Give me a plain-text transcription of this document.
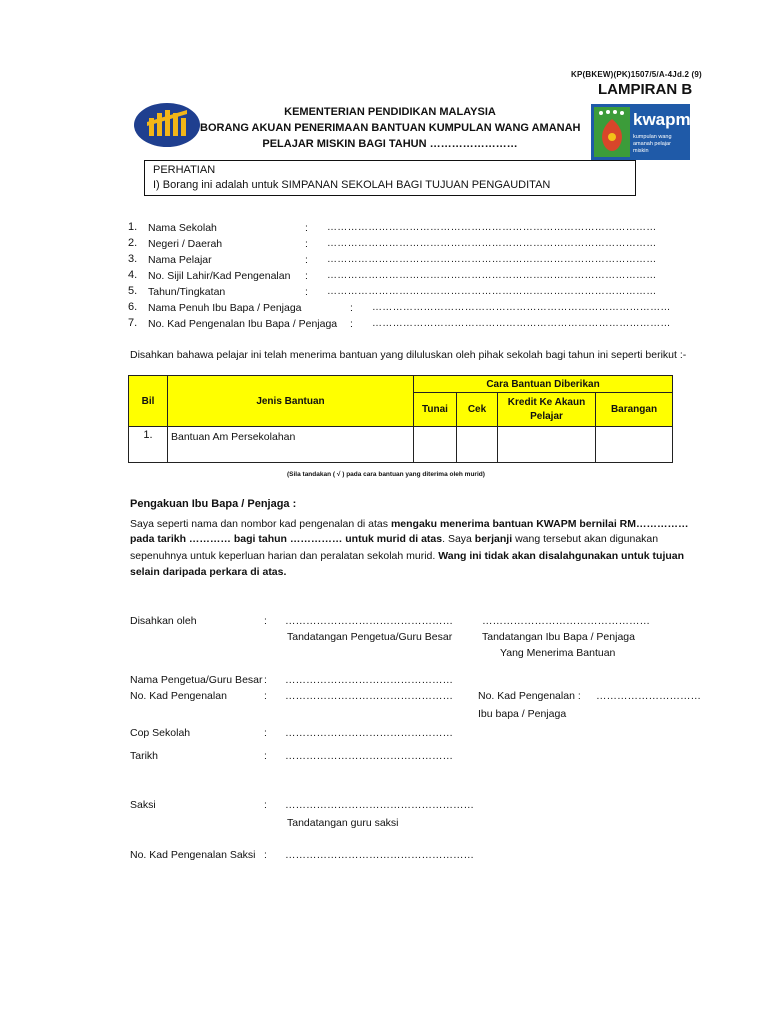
KP(BKEW)(PK)1507/5/A-4Jd.2 (9)
LAMPIRAN B
KEMENTERIAN PENDIDIKAN MALAYSIA
BORANG AKUAN PENERIMAAN BANTUAN KUMPULAN WANG AMANAH
PELAJAR MISKIN BAGI TAHUN ……………………
kwapm
kumpulan wang amanah pelajar miskin
PERHATIAN
I) Borang ini adalah untuk SIMPANAN SEKOLAH BAGI TUJUAN PENGAUDITAN
1.	Nama Sekolah	: ……………………………………………………………………………………
2.	Negeri / Daerah	: ……………………………………………………………………………………
3.	Nama Pelajar	: ……………………………………………………………………………………
4.	No. Sijil Lahir/Kad Pengenalan : ……………………………………………………………………………………
5.	Tahun/Tingkatan	: ……………………………………………………………………………………
6.	Nama Penuh Ibu Bapa / Penjaga	: ……………………………………………………………………………
7.	No. Kad Pengenalan Ibu Bapa / Penjaga : ……………………………………………………………………………
Disahkan bahawa pelajar ini telah menerima bantuan yang diluluskan oleh pihak sekolah bagi tahun ini seperti berikut :-
Bil	Jenis Bantuan	Cara Bantuan Diberikan			
		Tunai	Cek	Kredit Ke Akaun Pelajar	Barangan
1.	Bantuan Am Persekolahan				
(Sila tandakan ( √ ) pada cara bantuan yang diterima oleh murid)
Pengakuan Ibu Bapa / Penjaga :
Saya seperti nama dan nombor kad pengenalan di atas mengaku menerima bantuan KWAPM bernilai RM……………
pada tarikh ………… bagi tahun …………… untuk murid di atas. Saya berjanji wang tersebut akan digunakan
sepenuhnya untuk keperluan harian dan peralatan sekolah murid. Wang ini tidak akan disalahgunakan untuk tujuan
selain daripada perkara di atas.
Disahkan oleh	: …………………………………………	…………………………………………
Tandatangan Pengetua/Guru Besar	Tandatangan Ibu Bapa / Penjaga
Yang Menerima Bantuan
Nama Pengetua/Guru Besar : …………………………………………
No. Kad Pengenalan	: ………………………………………… No. Kad Pengenalan : …………………………
Ibu bapa / Penjaga
Cop Sekolah	: …………………………………………
Tarikh	: …………………………………………
Saksi	: ………………………………………………
Tandatangan guru saksi
No. Kad Pengenalan Saksi : ………………………………………………
